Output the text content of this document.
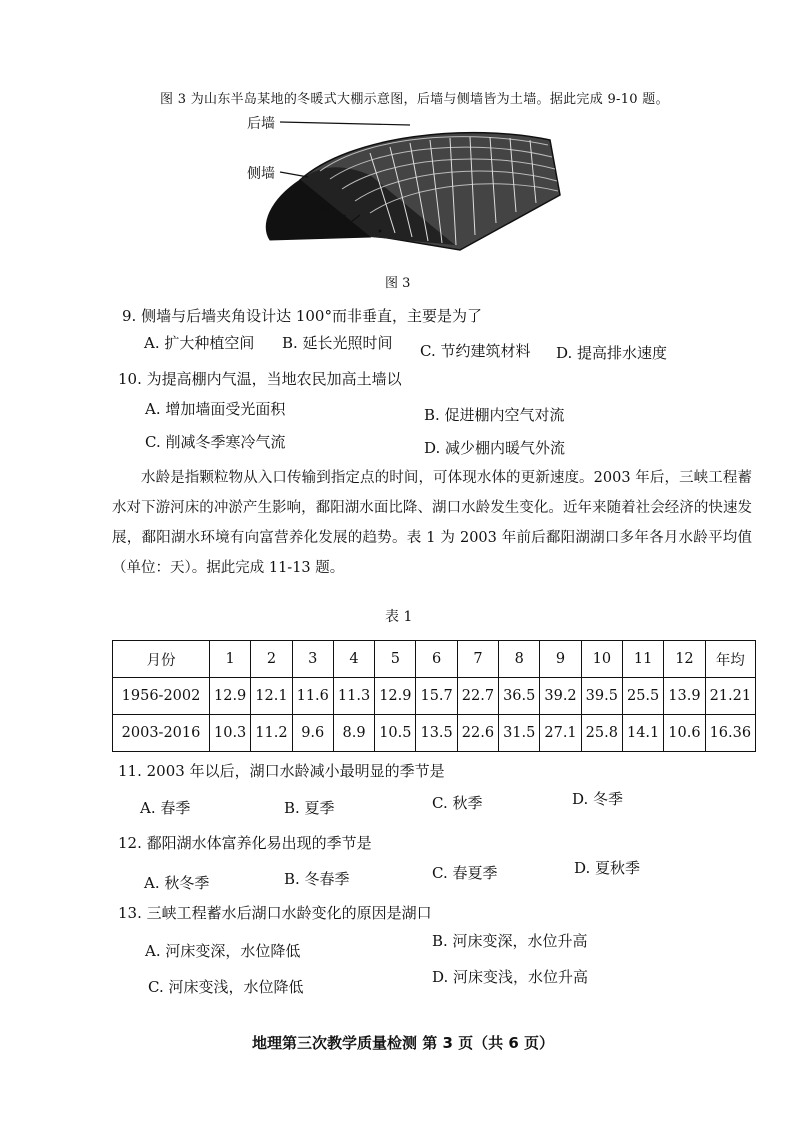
图 3 为山东半岛某地的冬暖式大棚示意图，后墙与侧墙皆为土墙。据此完成 9-10 题。
后墙
侧墙
N
图 3
9. 侧墙与后墙夹角设计达 100°而非垂直，主要是为了
A. 扩大种植空间 B. 延长光照时间 C. 节约建筑材料 D. 提高排水速度
10. 为提高棚内气温，当地农民加高土墙以
A. 增加墙面受光面积	B. 促进棚内空气对流
C. 削减冬季寒冷气流	D. 减少棚内暖气外流
水龄是指颗粒物从入口传输到指定点的时间，可体现水体的更新速度。2003 年后，三峡工程蓄水对下游河床的冲淤产生影响，鄱阳湖水面比降、湖口水龄发生变化。近年来随着社会经济的快速发展，鄱阳湖水环境有向富营养化发展的趋势。表 1 为 2003 年前后鄱阳湖湖口多年各月水龄平均值（单位：天）。据此完成 11-13 题。
表 1
月份	1	2	3	4	5	6	7	8	9	10	11	12	年均
1956-2002	12.9	12.1	11.6	11.3	12.9	15.7	22.7	36.5	39.2	39.5	25.5	13.9	21.21
2003-2016	10.3	11.2	9.6	8.9	10.5	13.5	22.6	31.5	27.1	25.8	14.1	10.6	16.36
11. 2003 年以后，湖口水龄减小最明显的季节是
A. 春季	B. 夏季	C. 秋季	D. 冬季
12. 鄱阳湖水体富养化易出现的季节是
A. 秋冬季	B. 冬春季	C. 春夏季	D. 夏秋季
13. 三峡工程蓄水后湖口水龄变化的原因是湖口
A. 河床变深，水位降低
B. 河床变深，水位升高
C. 河床变浅，水位降低
D. 河床变浅，水位升高
地理第三次教学质量检测 第 3 页（共 6 页）
